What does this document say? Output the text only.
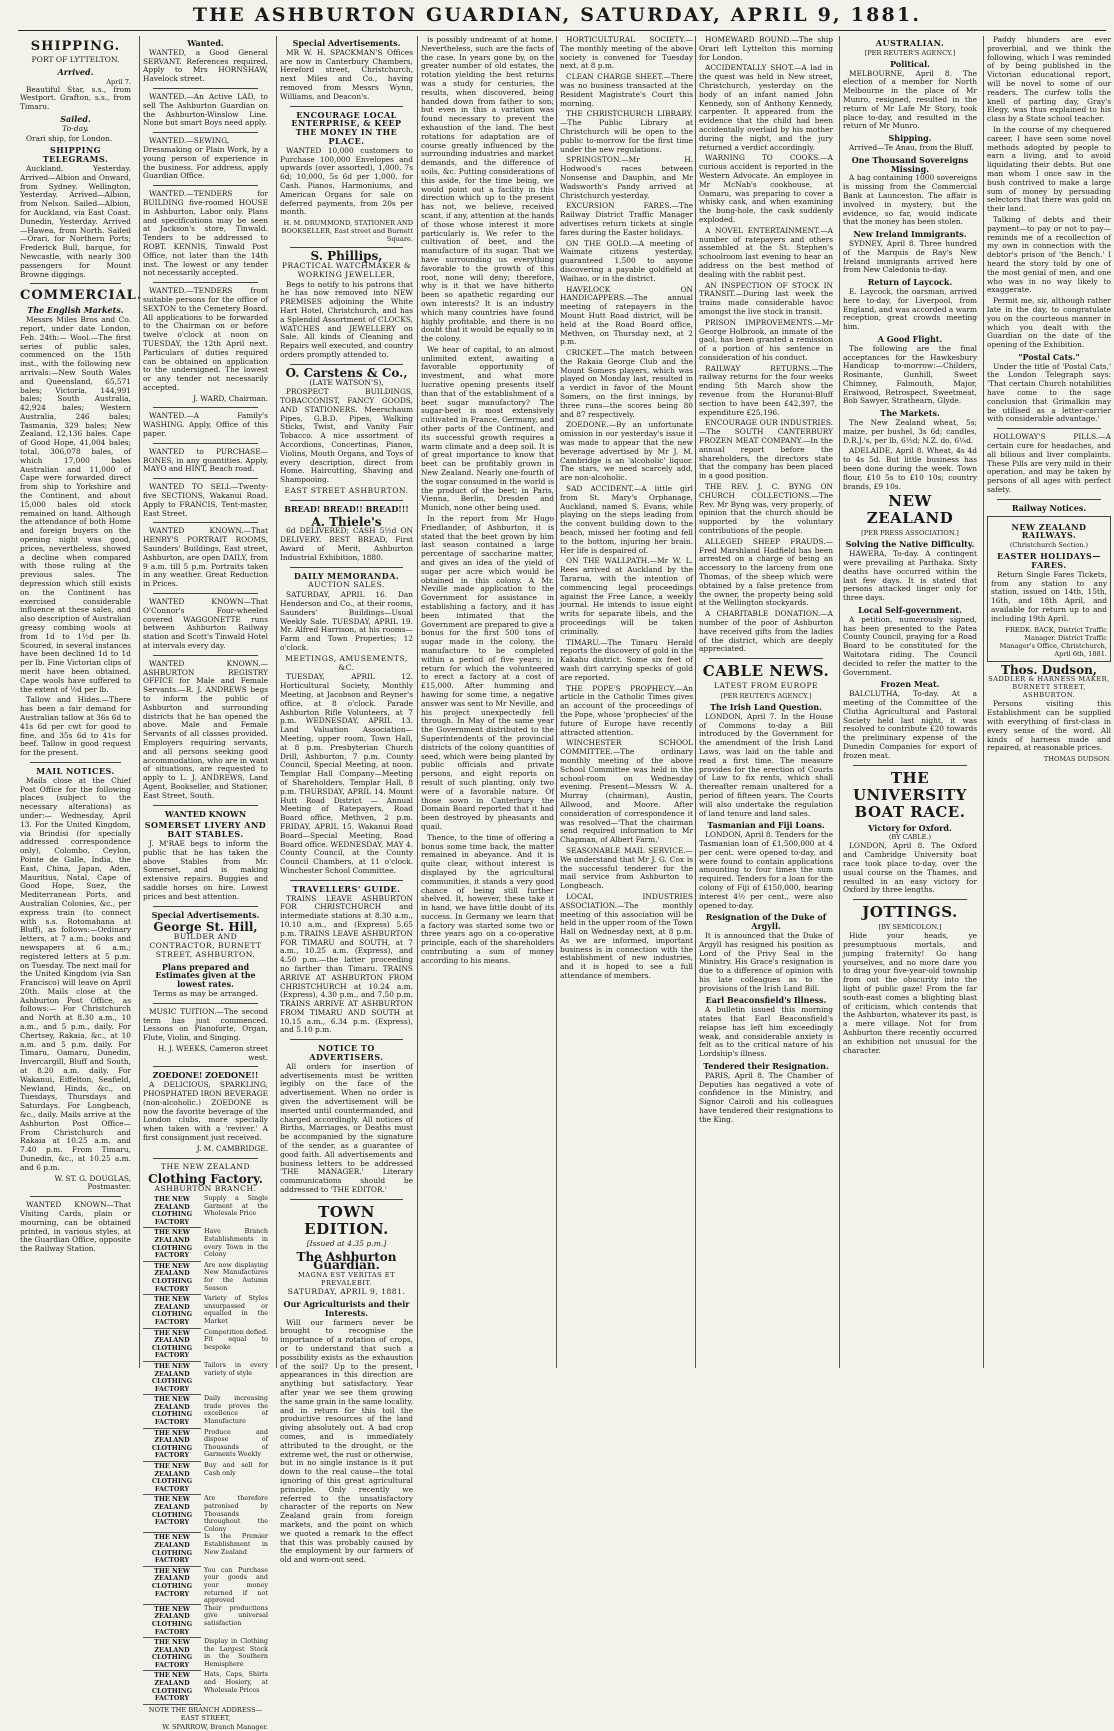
THE ASHBURTON GUARDIAN, SATURDAY, APRIL 9, 1881.
SHIPPING.
PORT OF LYTTELTON.
Arrived.
April 7.

Beautiful Star, s.s., from Westport. Grafton, s.s., from Timaru.

Sailed.
To-day.

Orari ship, for London.

SHIPPING TELEGRAMS.

Auckland, Yesterday. Arrived—Albion and Onward, from Sydney. Wellington, Yesterday. Arrived—Albion, from Nelson. Sailed—Albion, for Auckland, via East Coast. Dunedin, Yesterday. Arrived—Hawea, from North. Sailed—Orari, for Northern Ports; Frederick Bull, barque, for Newcastle, with nearly 300 passengers for Mount Browne diggings.

COMMERCIAL.
The English Markets.

Messrs Miles Bros and Co. report, under date London, Feb. 24th:— Wool.—The first series of public sales, commenced on the 15th inst., with the following new arrivals:—New South Wales and Queensland, 65,571 bales; Victoria, 144,991 bales; South Australia, 42,924 bales; Western Australia, 246 bales; Tasmania, 329 bales; New Zealand, 12,136 bales. Cape of Good Hope, 41,004 bales; total, 306,078 bales, of which 17,000 bales Australian and 11,000 of Cape were forwarded direct from ship to Yorkshire and the Continent, and about 15,000 bales old stock remained on hand. Although the attendance of both Home and foreign buyers on the opening night was good, prices, nevertheless, showed a decline when compared with those ruling at the previous sales. The depression which still exists on the Continent has exercised considerable influence at these sales, and also description of Australian greasy combing wools at from 1d to 1½d per lb. Scoured, in several instances have been declined 1d to 1d per lb. Fine Victorian clips of merit have been obtained. Cape wools have suffered to the extent of ½d per lb.

Tallow and Hides.—There has been a fair demand for Australian tallow at 36s 6d to 41s 6d per cwt for good to fine, and 35s 6d to 41s for beef. Tallow in good request for the present.

MAIL NOTICES.

Mails close at the Chief Post Office for the following places (subject to the necessary alterations) as under:— Wednesday, April 13. For the United Kingdom, via Brindisi (for specially addressed correspondence only), Colombo, Ceylon, Pointe de Galle, India, the East, China, Japan, Aden, Mauritius, Natal, Cape of Good Hope, Suez, the Mediterranean Ports, and Australian Colonies, &c., per express train (to connect with s.s. Rotomahana at Bluff), as follows:—Ordinary letters, at 7 a.m.; books and newspapers at 6 a.m.; registered letters at 5 p.m. on Tuesday. The next mail for the United Kingdom (via San Francisco) will leave on April 20th. Mails close at the Ashburton Post Office, as follows:— For Christchurch and North at 8.30 a.m., 10 a.m., and 5 p.m., daily. For Chertsey, Rakaia, &c., at 10 a.m. and 5 p.m. daily. For Timaru, Oamaru, Dunedin, Invercargill, Bluff and South, at 8.20 a.m. daily. For Wakanui, Eiffelton, Seafield, Newland, Hinds, &c., on Tuesdays, Thursdays and Saturdays. For Longbeach, &c., daily. Mails arrive at the Ashburton Post Office— From Christchurch and Rakaia at 10.25 a.m. and 7.40 p.m. From Timaru, Dunedin, &c., at 10.25 a.m. and 6 p.m.

W. ST. G. DOUGLAS, Postmaster.

WANTED KNOWN—That Visiting Cards, plain or mourning, can be obtained printed, in various styles, at the Guardian Office, opposite the Railway Station.

Wanted.

WANTED, a Good General SERVANT. References required. Apply to Mrs HORNSHAW, Havelock street.

WANTED.—An Active LAD, to sell The Ashburton Guardian on the Ashburton-Winslow Line. None but smart Boys need apply.

WANTED.—SEWING, Dressmaking or Plain Work, by a young person of experience in the business. For address, apply Guardian Office.

WANTED.—TENDERS for BUILDING five-roomed HOUSE in Ashburton, Labor only. Plans and specifications may be seen at Jackson's store, Tinwald. Tenders to be addressed to ROBT. KENNIS, Tinwald Post Office, not later than the 14th inst. The lowest or any tender not necessarily accepted.

WANTED.—TENDERS from suitable persons for the office of SEXTON to the Cemetery Board. All applications to be forwarded to the Chairman on or before twelve o'clock at noon on TUESDAY, the 12th April next. Particulars of duties required can be obtained on application to the undersigned. The lowest or any tender not necessarily accepted.

J. WARD, Chairman.

WANTED.—A Family's WASHING. Apply, Office of this paper.

WANTED to PURCHASE—BONES, in any quantities. Apply, MAYO and HINT, Beach road.

WANTED TO SELL—Twenty-five SECTIONS, Wakanui Road. Apply to FRANCIS, Tent-master, East Street.

WANTED KNOWN.—That HENRY'S PORTRAIT ROOMS, Saunders' Buildings, East street, Ashburton, are open DAILY, from 9 a.m. till 5 p.m. Portraits taken in any weather. Great Reduction in Prices.

WANTED KNOWN—That O'Connor's Four-wheeled covered WAGGONETTE runs between Ashburton Railway station and Scott's Tinwald Hotel at intervals every day.

WANTED KNOWN.—ASHBURTON REGISTRY OFFICE for Male and Female Servants.—R. J. ANDREWS begs to inform the public of Ashburton and surrounding districts that he has opened the above. Male and Female Servants of all classes provided. Employers requiring servants, and all persons seeking good accommodation, who are in want of situations, are requested to apply to L. J. ANDREWS, Land Agent, Bookseller, and Stationer, East Street, South.

WANTED KNOWN
SOMERSET LIVERY AND BAIT STABLES.

J. M'RAE begs to inform the public that he has taken the above Stables from Mr. Somerset, and is making extensive repairs. Buggies and saddle horses on hire. Lowest prices and best attention.

Special Advertisements.
George St. Hill,
BUILDER AND CONTRACTOR, BURNETT STREET, ASHBURTON.
Plans prepared and Estimates given at the lowest rates.
Terms as may be arranged.

MUSIC TUITION.—The second term has just commenced. Lessons on Pianoforte, Organ, Flute, Violin, and Singing.

H. J. WEEKS, Cameron street west.
ZOEDONE! ZOEDONE!!

A DELICIOUS, SPARKLING, PHOSPHATED IRON BEVERAGE (non-alcoholic.) ZOEDONE is now the favorite beverage of the London clubs, more specially when taken with a 'reviver.' A first consignment just received.

J. M. CAMBRIDGE.
THE NEW ZEALAND
Clothing Factory.
ASHBURTON BRANCH.
THE NEW ZEALAND CLOTHING FACTORY
Supply a Single Garment at the Wholesale Price
THE NEW ZEALAND CLOTHING FACTORY
Have Branch Establishments in every Town in the Colony
THE NEW ZEALAND CLOTHING FACTORY
Are now displaying New Manufactures for the Autumn Season
THE NEW ZEALAND CLOTHING FACTORY
Variety of Styles unsurpassed or equalled in the Market
THE NEW ZEALAND CLOTHING FACTORY
Competition defied. Fit equal to bespoke
THE NEW ZEALAND CLOTHING FACTORY
Tailors in every variety of style
THE NEW ZEALAND CLOTHING FACTORY
Daily increasing trade proves the excellence of Manufacture
THE NEW ZEALAND CLOTHING FACTORY
Produce and dispose of Thousands of Garments Weekly
THE NEW ZEALAND CLOTHING FACTORY
Buy and sell for Cash only
THE NEW ZEALAND CLOTHING FACTORY
Are therefore patronised by Thousands throughout the Colony
THE NEW ZEALAND CLOTHING FACTORY
Is the Premier Establishment in New Zealand
THE NEW ZEALAND CLOTHING FACTORY
You can Purchase your goods and your money returned if not approved
THE NEW ZEALAND CLOTHING FACTORY
Their productions give universal satisfaction
THE NEW ZEALAND CLOTHING FACTORY
Display in Clothing the Largest Stock in the Southern Hemisphere
THE NEW ZEALAND CLOTHING FACTORY
Hats, Caps, Shirts and Hosiery, at Wholesale Prices
NOTE THE BRANCH ADDRESS—EAST STREET,
W. SPARROW, Branch Manager.
Special Advertisements.

MR W. H. SPACKMAN'S Offices are now in Canterbury Chambers, Hereford street, Christchurch, next Miles and Co., having removed from Messrs Wynn, Williams, and Deacon's.

ENCOURAGE LOCAL ENTERPRISE, & KEEP THE MONEY IN THE PLACE.

WANTED 10,000 customers to Purchase 100,000 Envelopes and upwards (over assorted), 1,000, 7s 6d; 10,000, 5s 6d per 1,000, for Cash. Pianos, Harmoniums, and American Organs for sale on deferred payments, from 20s per month.

H. M. DRUMMOND, STATIONER AND BOOKSELLER, East street and Burnett Square.
S. Phillips,
PRACTICAL WATCHMAKER & WORKING JEWELLER,

Begs to notify to his patrons that he has now removed into NEW PREMISES adjoining the White Hart Hotel, Christchurch, and has a Splendid Assortment of CLOCKS, WATCHES and JEWELLERY on Sale. All kinds of Cleaning and Repairs well executed, and country orders promptly attended to.

O. Carstens & Co.,
(LATE WATSON'S),

PROSPECT BUILDINGS, TOBACCONIST, FANCY GOODS, AND STATIONERS. Meerschaum Pipes, G.B.D. Pipes, Walking Sticks, Twist, and Vanity Fair Tobacco. A nice assortment of Accordions, Concertinas, Pianos, Violins, Mouth Organs, and Toys of every description, direct from Home. Haircutting, Shaving and Shampooing.

EAST STREET ASHBURTON.
BREAD! BREAD!! BREAD!!!
A. Thiele's

6d DELIVERED; CASH 5½d ON DELIVERY. BEST BREAD, First Award of Merit, Ashburton Industrial Exhibition, 1880.

DAILY MEMORANDA.
AUCTION SALES.

SATURDAY, APRIL 16. Dan Henderson and Co., at their rooms, Saunders' Buildings—Usual Weekly Sale. TUESDAY, APRIL 19. Mr. Alfred Harrison, at his rooms—Farm and Town Properties; 12 o'clock.

MEETINGS, AMUSEMENTS, &C.

TUESDAY, APRIL 12. Horticultural Society, Monthly Meeting, at Jacobson and Reyner's office, at 8 o'clock. Parade Ashburton Rifle Volunteers, at 7 p.m. WEDNESDAY, APRIL 13. Land Valuation Association—Meeting, upper room, Town Hall, at 8 p.m. Presbyterian Church Drill, Ashburton, 7 p.m. County Council, Special Meeting, at noon. Templar Hall Company—Meeting of Shareholders, Templar Hall, 8 p.m. THURSDAY, APRIL 14. Mount Hutt Road District — Annual Meeting of Ratepayers, Road Board office, Methven, 2 p.m. FRIDAY, APRIL 15. Wakanui Road Board—Special Meeting, Road Board office. WEDNESDAY, MAY 4. County Council, at the County Council Chambers, at 11 o'clock. Winchester School Committee.

TRAVELLERS' GUIDE.

TRAINS LEAVE ASHBURTON FOR CHRISTCHURCH and intermediate stations at 8.30 a.m., 10.10 a.m., and (Express) 5.65 p.m. TRAINS LEAVE ASHBURTON FOR TIMARU and SOUTH, at 7 a.m., 10.25 a.m. (Express), and 4.50 p.m.—the latter proceeding no farther than Timaru. TRAINS ARRIVE AT ASHBURTON FROM CHRISTCHURCH at 10.24 a.m. (Express), 4.30 p.m., and 7.50 p.m. TRAINS ARRIVE AT ASHBURTON FROM TIMARU AND SOUTH at 10.15 a.m., 6.34 p.m. (Express), and 5.10 p.m.

NOTICE TO ADVERTISERS.

All orders for insertion of advertisements must be written legibly on the face of the advertisement. When no order is given the advertisement will be inserted until countermanded, and charged accordingly. All notices of Births, Marriages, or Deaths must be accompanied by the signature of the sender, as a guarantee of good faith. All advertisements and business letters to be addressed 'THE MANAGER.' Literary communications should be addressed to 'THE EDITOR.'

TOWN EDITION.
[Issued at 4.35 p.m.]
The Ashburton Guardian.
MAGNA EST VERITAS ET PREVALEBIT.
SATURDAY, APRIL 9, 1881.
Our Agriculturists and their Interests.

Will our farmers never be brought to recognise the importance of a rotation of crops, or to understand that such a possibility exists as the exhaustion of the soil? Up to the present, appearances in this direction are anything but satisfactory. Year after year we see them growing the same grain in the same locality, and in return for this toil the productive resources of the land giving absolutely out. A bad crop comes, and is immediately attributed to the drought, or the extreme wet, the rust or otherwise, but in no single instance is it put down to the real cause—the total ignoring of this great agricultural principle. Only recently we referred to the unsatisfactory character of the reports on New Zealand grain from foreign markets, and the point on which we quoted a remark to the effect that this was probably caused by the employment by our farmers of old and worn-out seed.

is possibly undreamt of at home. Nevertheless, such are the facts of the case. In years gone by, on the greater number of old estates, the rotation yielding the best returns was a study for centuries, the results, when discovered, being handed down from father to son; but even in this a variation was found necessary to prevent the exhaustion of the land. The best rotations for adaptation are of course greatly influenced by the surrounding industries and market demands, and the difference of soils, &c. Putting considerations of this aside, for the time being, we would point out a facility in this direction which up to the present has not, we believe, received scant, if any, attention at the hands of those whose interest it more particularly is. We refer to the cultivation of beet, and the manufacture of its sugar. That we have surrounding us everything favorable to the growth of this root, none will deny; therefore, why is it that we have hitherto been so apathetic regarding our own interests? It is an industry which many countries have found highly profitable, and there is no doubt that it would be equally so in the colony.

We hear of capital, to an almost unlimited extent, awaiting a favorable opportunity of investment, and what more lucrative opening presents itself than that of the establishment of a beet sugar manufactory? The sugar-beet is most extensively cultivated in France, Germany, and other parts of the Continent, and its successful growth requires a warm climate and a deep soil. It is of great importance to know that beet can be profitably grown in New Zealand. Nearly one-fourth of the sugar consumed in the world is the product of the beet; in Paris, Vienna, Berlin, Dresden and Munich, none other being used.

In the report from Mr Hugo Friedlander, of Ashburton, it is stated that the beet grown by him last season contained a large percentage of saccharine matter, and gives an idea of the yield of sugar per acre which would be obtained in this colony. A Mr. Neville made application to the Government for assistance in establishing a factory, and it has been intimated that the Government are prepared to give a bonus for the first 500 tons of sugar made in the colony, the manufacture to be completed within a period of five years; in return for which the volunteered to erect a factory at a cost of £15,000. After humming and hawing for some time, a negative answer was sent to Mr Neville, and his project unexpectedly fell through. In May of the same year the Government distributed to the Superintendents of the provincial districts of the colony quantities of seed, which were being planted by public officials and private persons, and eight reports on result of such planting, only two were of a favorable nature. Of those sown in Canterbury the Domain Board reported that it had been destroyed by pheasants and quail.

Thence, to the time of offering a bonus some time back, the matter remained in abeyance. And it is quite clear, without interest is displayed by the agricultural communities, it stands a very good chance of being still further shelved. It, however, these take it in hand, we have little doubt of its success. In Germany we learn that a factory was started some two or three years ago on a co-operative principle, each of the shareholders contributing a sum of money according to his means.

HORTICULTURAL SOCIETY.—The monthly meeting of the above society is convened for Tuesday next, at 8 p.m.

CLEAN CHARGE SHEET.—There was no business transacted at the Resident Magistrate's Court this morning.

THE CHRISTCHURCH LIBRARY.—The Public Library at Christchurch will be open to the public to-morrow for the first time under the new regulations.

SPRINGSTON.—Mr H. Hodwood's races between Nonsense and Dauphin, and Mr Wadsworth's Pandy arrived at Christchurch yesterday.

EXCURSION FARES.—The Railway District Traffic Manager advertises return tickets at single fares during the Easter holidays.

ON THE GOLD.—A meeting of Waimate citizens yesterday, guaranteed 1,500 to anyone discovering a payable goldfield at Waihao, or in the district.

HAVELOCK ON HANDICAPPERS.—The annual meeting of ratepayers in the Mount Hutt Road district, will be held at the Road Board office, Methven, on Thursday next, at 2 p.m.

CRICKET.—The match between the Rakaia George Club and the Mount Somers players, which was played on Monday last, resulted in a verdict in favor of the Mount Somers, on the first innings, by three runs—the scores being 80 and 87 respectively.

ZOEDONE.—By an unfortunate omission in our yesterday's issue it was made to appear that the new beverage advertised by Mr J. M. Cambridge is an 'alcoholic' liquor. The stars, we need scarcely add, are non-alcoholic.

SAD ACCIDENT.—A little girl from St. Mary's Orphanage, Auckland, named S. Evans, while playing on the steps leading from the convent building down to the beach, missed her footing and fell to the bottom, injuring her brain. Her life is despaired of.

ON THE WALLPATH.—Mr W. L. Rees arrived at Auckland by the Tararua, with the intention of commencing legal proceedings against the Free Lance, a weekly journal. He intends to issue eight writs for separate libels, and the proceedings will be taken criminally.

TIMARU.—The Timaru Herald reports the discovery of gold in the Kakahu district. Some six feet of wash dirt carrying specks of gold are reported.

THE POPE'S PROPHECY.—An article in the Catholic Times gives an account of the proceedings of the Pope, whose 'prophecies' of the future of Europe have recently attracted attention.

WINCHESTER SCHOOL COMMITTEE.—The ordinary monthly meeting of the above School Committee was held in the school-room on Wednesday evening. Present—Messrs W. A. Murray (chairman), Austin, Allwood, and Moore. After consideration of correspondence it was resolved—'That the chairman send required information to Mr Chapman, of Albert Farm.'

SEASONABLE MAIL SERVICE.—We understand that Mr J. G. Cox is the successful tenderer for the mail service from Ashburton to Longbeach.

LOCAL INDUSTRIES ASSOCIATION.—The monthly meeting of this association will be held in the upper room of the Town Hall on Wednesday next, at 8 p.m. As we are informed, important business is in connection with the establishment of new industries, and it is hoped to see a full attendance of members.

HOMEWARD BOUND.—The ship Orari left Lyttelton this morning for London.

ACCIDENTALLY SHOT.—A lad in the quest was held in New street, Christchurch, yesterday on the body of an infant named John Kennedy, son of Anthony Kennedy, carpenter. It appeared from the evidence that the child had been accidentally overlaid by his mother during the night, and the jury returned a verdict accordingly.

WARNING TO COOKS.—A curious accident is reported in the Western Advocate. An employee in Mr McNab's cookhouse, at Oamaru, was preparing to cover a whisky cask, and when examining the bung-hole, the cask suddenly exploded.

A NOVEL ENTERTAINMENT.—A number of ratepayers and others assembled at the St. Stephen's schoolroom last evening to hear an address on the best method of dealing with the rabbit pest.

AN INSPECTION OF STOCK IN TRANSIT.—During last week the trains made considerable havoc amongst the live stock in transit.

PRISON IMPROVEMENTS.—Mr George Holbrook, an inmate of the gaol, has been granted a remission of a portion of his sentence in consideration of his conduct.

RAILWAY RETURNS.—The railway returns for the four weeks ending 5th March show the revenue from the Hurunui-Bluff section to have been £42,397, the expenditure £25,196.

ENCOURAGE OUR INDUSTRIES.—The SOUTH CANTERBURY FROZEN MEAT COMPANY.—In the annual report before the shareholders, the directors state that the company has been placed in a good position.

THE REV. J. C. BYNG ON CHURCH COLLECTIONS.—The Rev. Mr Byng was, very properly, of opinion that the church should be supported by the voluntary contributions of the people.

ALLEGED SHEEP FRAUDS.—Fred Marshland Hadfield has been arrested on a charge of being an accessory to the larceny from one Thomas, of the sheep which were obtained by a false pretence from the owner, the property being sold at the Wellington stockyards.

A CHARITABLE DONATION.—A number of the poor of Ashburton have received gifts from the ladies of the district, which are deeply appreciated.

CABLE NEWS.
LATEST FROM EUROPE
[PER REUTER'S AGENCY.]
The Irish Land Question.

LONDON, April 7. In the House of Commons to-day a Bill introduced by the Government for the amendment of the Irish Land Laws, was laid on the table and read a first time. The measure provides for the erection of Courts of Law to fix rents, which shall thereafter remain unaltered for a period of fifteen years. The Courts will also undertake the regulation of land tenure and land sales.

Tasmanian and Fiji Loans.

LONDON, April 8. Tenders for the Tasmanian loan of £1,500,000 at 4 per cent. were opened to-day, and were found to contain applications amounting to four times the sum required. Tenders for a loan for the colony of Fiji of £150,000, bearing interest 4½ per cent., were also opened to-day.

Resignation of the Duke of Argyll.

It is announced that the Duke of Argyll has resigned his position as Lord of the Privy Seal in the Ministry. His Grace's resignation is due to a difference of opinion with his late colleagues as to the provisions of the Irish Land Bill.

Earl Beaconsfield's Illness.

A bulletin issued this morning states that Earl Beaconsfield's relapse has left him exceedingly weak, and considerable anxiety is felt as to the critical nature of his Lordship's illness.

Tendered their Resignation.

PARIS, April 8. The Chamber of Deputies has negatived a vote of confidence in the Ministry, and Signor Cairoli and his colleagues have tendered their resignations to the King.

AUSTRALIAN.
[PER REUTER'S AGENCY.]
Political.

MELBOURNE, April 8. The election of a member for North Melbourne in the place of Mr Munro, resigned, resulted in the return of Mr Lafe Mr Story, took place to-day, and resulted in the return of Mr Munro.

Shipping.

Arrived—Te Anau, from the Bluff.

One Thousand Sovereigns Missing.

A bag containing 1000 sovereigns is missing from the Commercial Bank at Launceston. The affair is involved in mystery, but the evidence, so far, would indicate that the money has been stolen.

New Ireland Immigrants.

SYDNEY, April 8. Three hundred of the Marquis de Ray's New Ireland immigrants arrived here from New Caledonia to-day.

Return of Laycock.

E. Laycock, the oarsman, arrived here to-day, for Liverpool, from England, and was accorded a warm reception, great crowds meeting him.

A Good Flight.

The following are the final acceptances for the Hawkesbury Handicap to-morrow:—Childers, Rosinante, Gunhill, Sweet Chimney, Falmouth, Major, Eraiwood, Retrospect, Sweetmeat, Bob Sawyer, Strathearn, Glyde.

The Markets.

The New Zealand wheat, 5s; maize, per bushel, 3s 6d; candles, D.R.J.'s, per lb, 6½d; N.Z. do, 6¼d.

ADELAIDE, April 8. Wheat, 4s 4d to 4s 5d. But little business has been done during the week. Town flour, £10 5s to £10 10s; country brands, £9 10s.

NEW ZEALAND
[PER PRESS ASSOCIATION.]
Solving the Native Difficulty.

HAWERA, To-day. A contingent were prevailing at Parihaka. Sixty deaths have occurred within the last few days. It is stated that persons attacked linger only for three days.

Local Self-government.

A petition, numerously signed, has been presented to the Patea County Council, praying for a Road Board to be constituted for the Waitotara riding. The Council decided to refer the matter to the Government.

Frozen Meat.

BALCLUTHA, To-day. At a meeting of the Committee of the Clutha Agricultural and Pastoral Society held last night, it was resolved to contribute £20 towards the preliminary expense of the Dunedin Companies for export of frozen meat.

THE UNIVERSITY BOAT RACE.
Victory for Oxford.
(BY CABLE.)

LONDON, April 8. The Oxford and Cambridge University boat race took place to-day, over the usual course on the Thames, and resulted in an easy victory for Oxford by three lengths.

JOTTINGS.
[BY SEMICOLON.]

Hide your heads, ye presumptuous mortals, and jumping fraternity! Go hang yourselves, and no more dare you to drag your five-year-old township from out the obscurity into the light of public gaze! From the far south-east comes a blighting blast of criticism, which contends that the Ashburton, whatever its past, is a mere village. Not for from Ashburton there recently occurred an exhibition not unusual for the character.

Paddy blunders are ever proverbial, and we think the following, which I was reminded of by being published in the Victorian educational report, will be novel to some of our readers. The curfew tolls the knell of parting day, Gray's Elegy, was thus explained to his class by a State school teacher.

In the course of my chequered career, I have seen some novel methods adopted by people to earn a living, and to avoid liquidating their debts. But one man whom I once saw in the bush contrived to make a large sum of money by persuading selectors that there was gold on their land.

Talking of debts and their payment—to pay or not to pay—reminds me of a recollection of my own in connection with the debtor's prison of 'the Bench.' I heard the story told by one of the most genial of men, and one who was in no way likely to exaggerate.

Permit me, sir, although rather late in the day, to congratulate you on the courteous manner in which you dealt with the Guardian on the date of the opening of the Exhibition.

"Postal Cats."

Under the title of 'Postal Cats,' the London Telegraph says: 'That certain Church notabilities have come to the sage conclusion that Grimalkin may be utilised as a letter-carrier with considerable advantage.'

HOLLOWAY'S PILLS.—A certain cure for headaches, and all bilious and liver complaints. These Pills are very mild in their operation, and may be taken by persons of all ages with perfect safety.

Railway Notices.
NEW ZEALAND RAILWAYS.
(Christchurch Section.)
EASTER HOLIDAYS—FARES.

Return Single Fares Tickets, from any station to any station, issued on 14th, 15th, 16th, and 18th April, and available for return up to and including 19th April.

FREDK. BACK, District Traffic Manager. District Traffic Manager's Office, Christchurch, April 6th, 1881.
Thos. Dudson,
SADDLER & HARNESS MAKER, BURNETT STREET, ASHBURTON.

Persons visiting this Establishment can be supplied with everything of first-class in every sense of the word. All kinds of harness made and repaired, at reasonable prices.

THOMAS DUDSON.
